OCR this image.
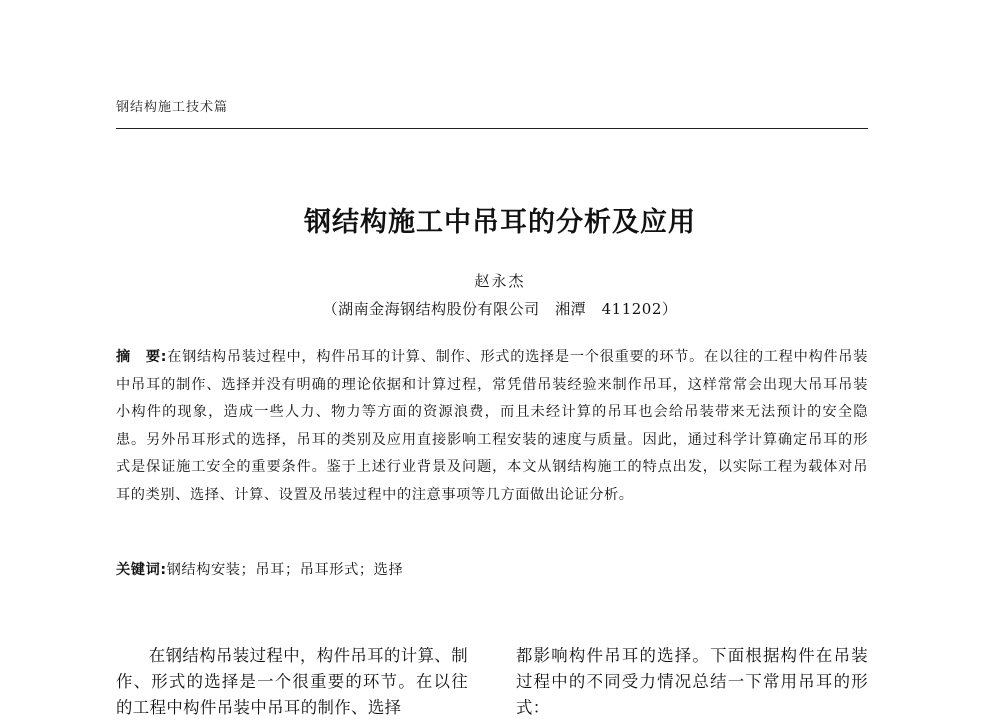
钢结构施工技术篇
钢结构施工中吊耳的分析及应用
赵永杰
（湖南金海钢结构股份有限公司　湘潭　411202）
摘　要:在钢结构吊装过程中，构件吊耳的计算、制作、形式的选择是一个很重要的环节。在以往的工程中构件吊装中吊耳的制作、选择并没有明确的理论依据和计算过程，常凭借吊装经验来制作吊耳，这样常常会出现大吊耳吊装小构件的现象，造成一些人力、物力等方面的资源浪费，而且未经计算的吊耳也会给吊装带来无法预计的安全隐患。另外吊耳形式的选择，吊耳的类别及应用直接影响工程安装的速度与质量。因此，通过科学计算确定吊耳的形式是保证施工安全的重要条件。鉴于上述行业背景及问题，本文从钢结构施工的特点出发，以实际工程为载体对吊耳的类别、选择、计算、设置及吊装过程中的注意事项等几方面做出论证分析。
关键词:钢结构安装；吊耳；吊耳形式；选择
在钢结构吊装过程中，构件吊耳的计算、制作、形式的选择是一个很重要的环节。在以往的工程中构件吊装中吊耳的制作、选择
都影响构件吊耳的选择。下面根据构件在吊装过程中的不同受力情况总结一下常用吊耳的形式：
